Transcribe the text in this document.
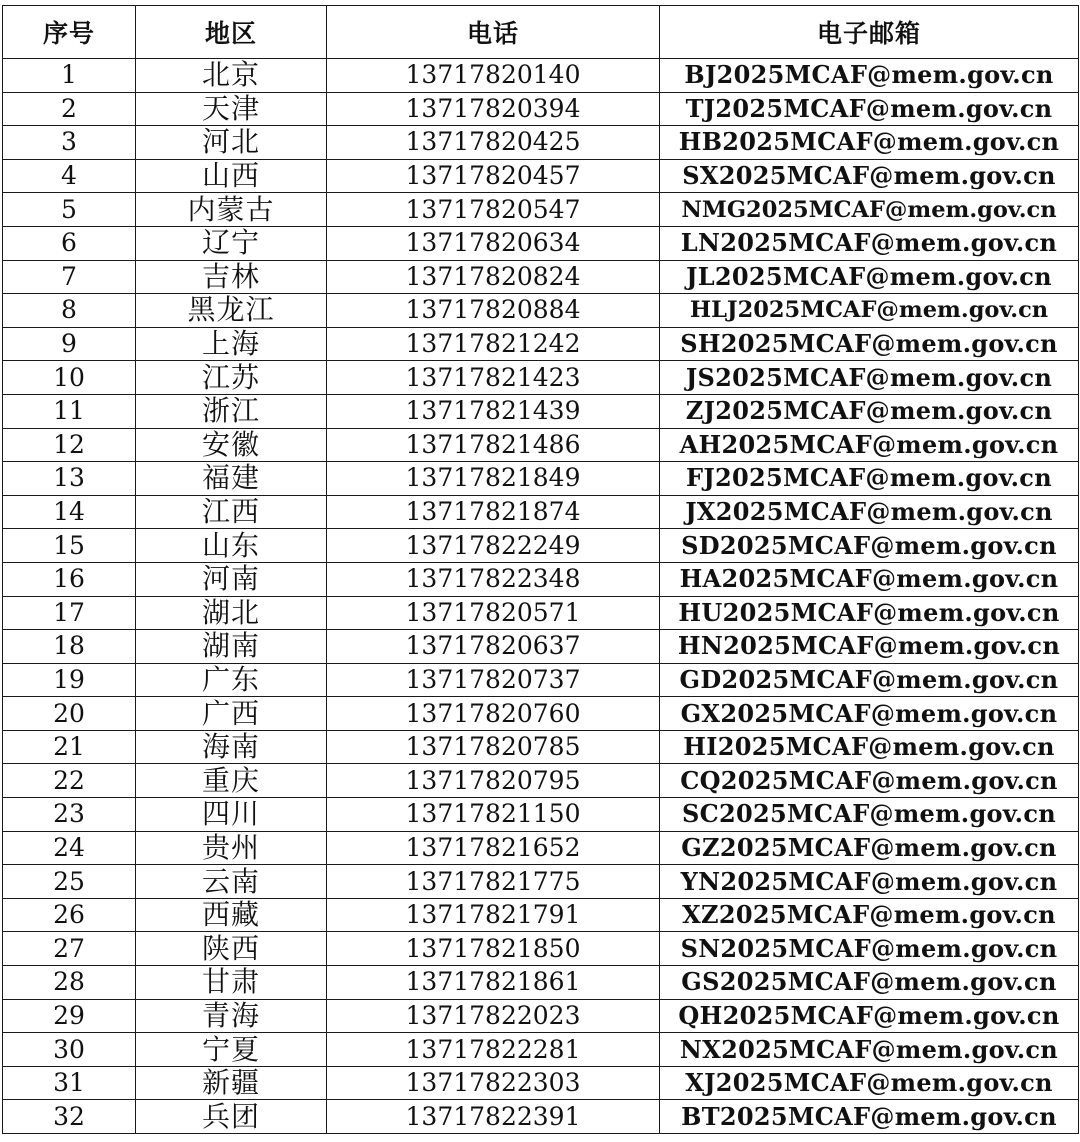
序号	地区	电话	电子邮箱
1	北京	13717820140	BJ2025MCAF@mem.gov.cn
2	天津	13717820394	TJ2025MCAF@mem.gov.cn
3	河北	13717820425	HB2025MCAF@mem.gov.cn
4	山西	13717820457	SX2025MCAF@mem.gov.cn
5	内蒙古	13717820547	NMG2025MCAF@mem.gov.cn
6	辽宁	13717820634	LN2025MCAF@mem.gov.cn
7	吉林	13717820824	JL2025MCAF@mem.gov.cn
8	黑龙江	13717820884	HLJ2025MCAF@mem.gov.cn
9	上海	13717821242	SH2025MCAF@mem.gov.cn
10	江苏	13717821423	JS2025MCAF@mem.gov.cn
11	浙江	13717821439	ZJ2025MCAF@mem.gov.cn
12	安徽	13717821486	AH2025MCAF@mem.gov.cn
13	福建	13717821849	FJ2025MCAF@mem.gov.cn
14	江西	13717821874	JX2025MCAF@mem.gov.cn
15	山东	13717822249	SD2025MCAF@mem.gov.cn
16	河南	13717822348	HA2025MCAF@mem.gov.cn
17	湖北	13717820571	HU2025MCAF@mem.gov.cn
18	湖南	13717820637	HN2025MCAF@mem.gov.cn
19	广东	13717820737	GD2025MCAF@mem.gov.cn
20	广西	13717820760	GX2025MCAF@mem.gov.cn
21	海南	13717820785	HI2025MCAF@mem.gov.cn
22	重庆	13717820795	CQ2025MCAF@mem.gov.cn
23	四川	13717821150	SC2025MCAF@mem.gov.cn
24	贵州	13717821652	GZ2025MCAF@mem.gov.cn
25	云南	13717821775	YN2025MCAF@mem.gov.cn
26	西藏	13717821791	XZ2025MCAF@mem.gov.cn
27	陕西	13717821850	SN2025MCAF@mem.gov.cn
28	甘肃	13717821861	GS2025MCAF@mem.gov.cn
29	青海	13717822023	QH2025MCAF@mem.gov.cn
30	宁夏	13717822281	NX2025MCAF@mem.gov.cn
31	新疆	13717822303	XJ2025MCAF@mem.gov.cn
32	兵团	13717822391	BT2025MCAF@mem.gov.cn
